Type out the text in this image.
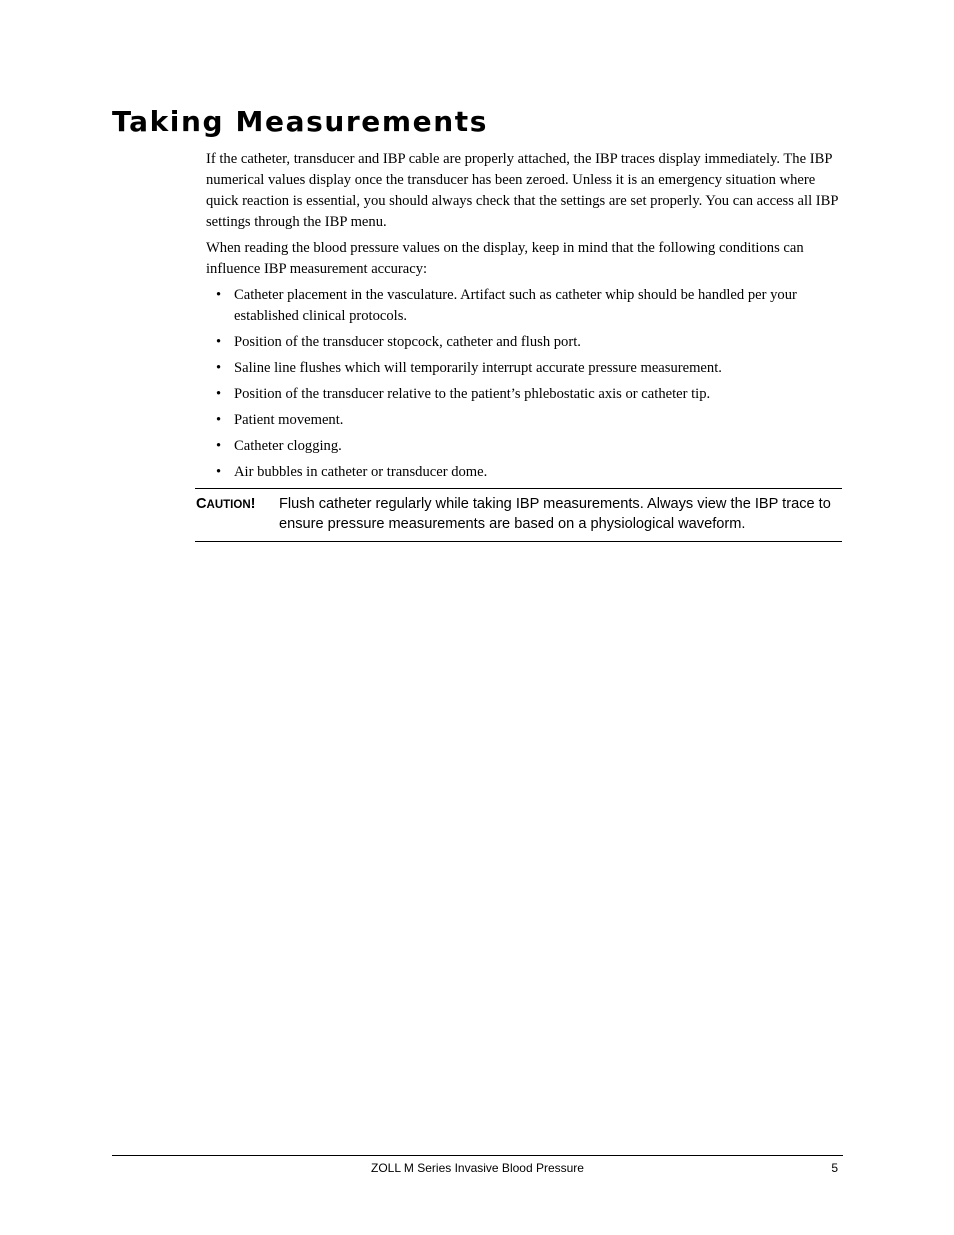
Taking Measurements

If the catheter, transducer and IBP cable are properly attached, the IBP traces display immediately. The IBP numerical values display once the transducer has been zeroed. Unless it is an emergency situation where quick reaction is essential, you should always check that the settings are set properly. You can access all IBP settings through the IBP menu.

When reading the blood pressure values on the display, keep in mind that the following conditions can influence IBP measurement accuracy:

• Catheter placement in the vasculature. Artifact such as catheter whip should be handled per your established clinical protocols.
• Position of the transducer stopcock, catheter and flush port.
• Saline line flushes which will temporarily interrupt accurate pressure measurement.
• Position of the transducer relative to the patient’s phlebostatic axis or catheter tip.
• Patient movement.
• Catheter clogging.
• Air bubbles in catheter or transducer dome.
CAUTION!	Flush catheter regularly while taking IBP measurements. Always view the IBP trace to ensure pressure measurements are based on a physiological waveform.
ZOLL M Series Invasive Blood Pressure	5
